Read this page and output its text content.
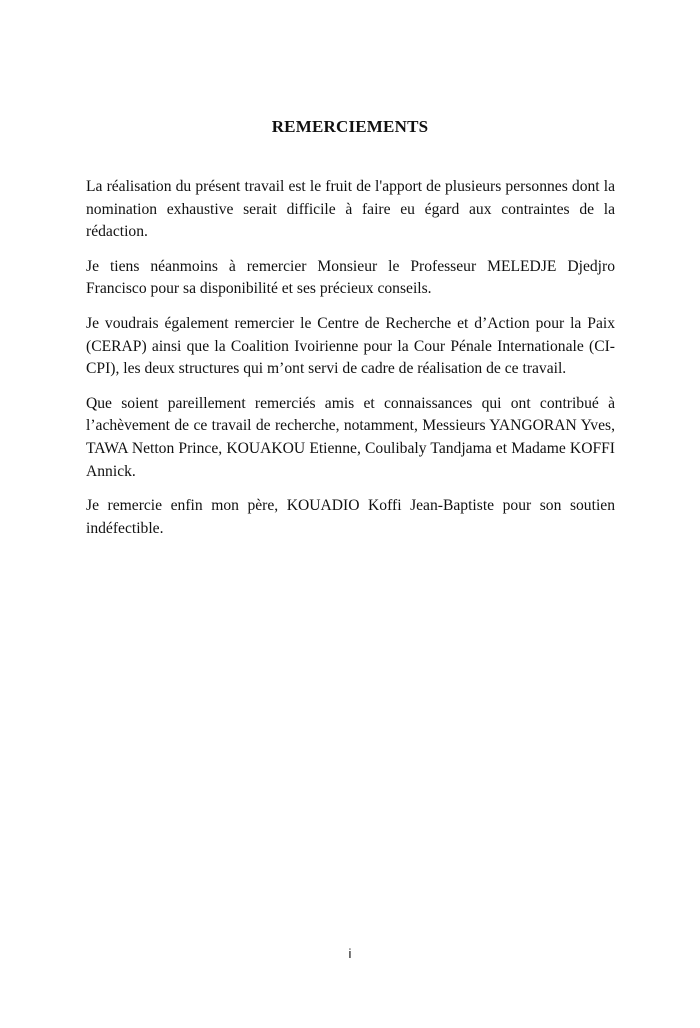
REMERCIEMENTS

La réalisation du présent travail est le fruit de l'apport de plusieurs personnes dont la nomination exhaustive serait difficile à faire eu égard aux contraintes de la rédaction.

Je tiens néanmoins à remercier Monsieur le Professeur MELEDJE Djedjro Francisco pour sa disponibilité et ses précieux conseils.

Je voudrais également remercier le Centre de Recherche et d’Action pour la Paix (CERAP) ainsi que la Coalition Ivoirienne pour la Cour Pénale Internationale (CI-CPI), les deux structures qui m’ont servi de cadre de réalisation de ce travail.

Que soient pareillement remerciés amis et connaissances qui ont contribué à l’achèvement de ce travail de recherche, notamment, Messieurs YANGORAN Yves, TAWA Netton Prince, KOUAKOU Etienne, Coulibaly Tandjama et Madame KOFFI Annick.

Je remercie enfin mon père, KOUADIO Koffi Jean-Baptiste pour son soutien indéfectible.

i
